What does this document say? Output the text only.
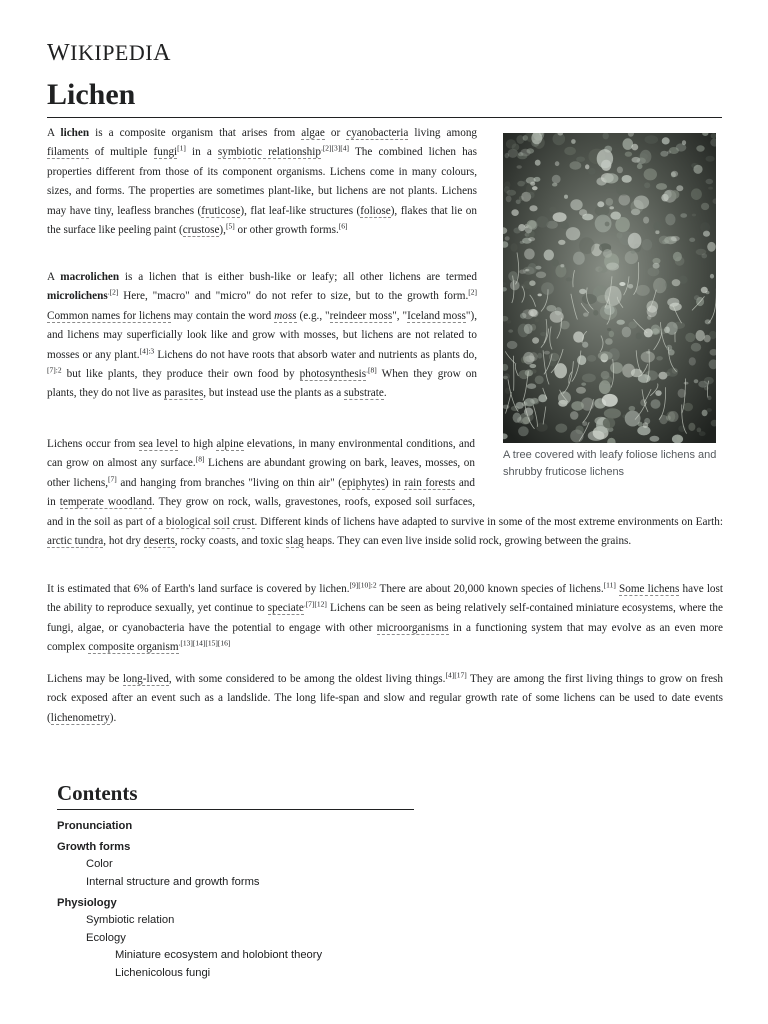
WIKIPEDIA
Lichen
A tree covered with leafy foliose lichens and shrubby fruticose lichens

A lichen is a composite organism that arises from algae or cyanobacteria living among filaments of multiple fungi[1] in a symbiotic relationship$^{.[2][3][4]}$ The combined lichen has properties different from those of its component organisms. Lichens come in many colours, sizes, and forms. The properties are sometimes plant-like, but lichens are not plants. Lichens may have tiny, leafless branches (fruticose), flat leaf-like structures (foliose), flakes that lie on the surface like peeling paint (crustose),[5] or other growth forms.[6]

A macrolichen is a lichen that is either bush-like or leafy; all other lichens are termed microlichens$^{.[2]}$ Here, "macro" and "micro" do not refer to size, but to the growth form.[2] Common names for lichens may contain the word moss (e.g., "reindeer moss", "Iceland moss"), and lichens may superficially look like and grow with mosses, but lichens are not related to mosses or any plant.$^{[4]:3}$ Lichens do not have roots that absorb water and nutrients as plants do,$^{[7]:2}$ but like plants, they produce their own food by photosynthesis$^{.[8]}$ When they grow on plants, they do not live as parasites, but instead use the plants as a substrate.

Lichens occur from sea level to high alpine elevations, in many environmental conditions, and can grow on almost any surface.[8] Lichens are abundant growing on bark, leaves, mosses, on other lichens,[7] and hanging from branches "living on thin air" (epiphytes) in rain forests and in temperate woodland. They grow on rock, walls, gravestones, roofs, exposed soil surfaces, and in the soil as part of a biological soil crust. Different kinds of lichens have adapted to survive in some of the most extreme environments on Earth: arctic tundra, hot dry deserts, rocky coasts, and toxic slag heaps. They can even live inside solid rock, growing between the grains.

It is estimated that 6% of Earth's land surface is covered by lichen.$^{[9][10]:2}$ There are about 20,000 known species of lichens.[11] Some lichens have lost the ability to reproduce sexually, yet continue to speciate$^{.[7][12]}$ Lichens can be seen as being relatively self-contained miniature ecosystems, where the fungi, algae, or cyanobacteria have the potential to engage with other microorganisms in a functioning system that may evolve as an even more complex composite organism$^{.[13][14][15][16]}$

Lichens may be long-lived, with some considered to be among the oldest living things.[4][17] They are among the first living things to grow on fresh rock exposed after an event such as a landslide. The long life-span and slow and regular growth rate of some lichens can be used to date events (lichenometry).

Contents
Pronunciation
Growth forms
Color
Internal structure and growth forms
Physiology
Symbiotic relation
Ecology
Miniature ecosystem and holobiont theory
Lichenicolous fungi
